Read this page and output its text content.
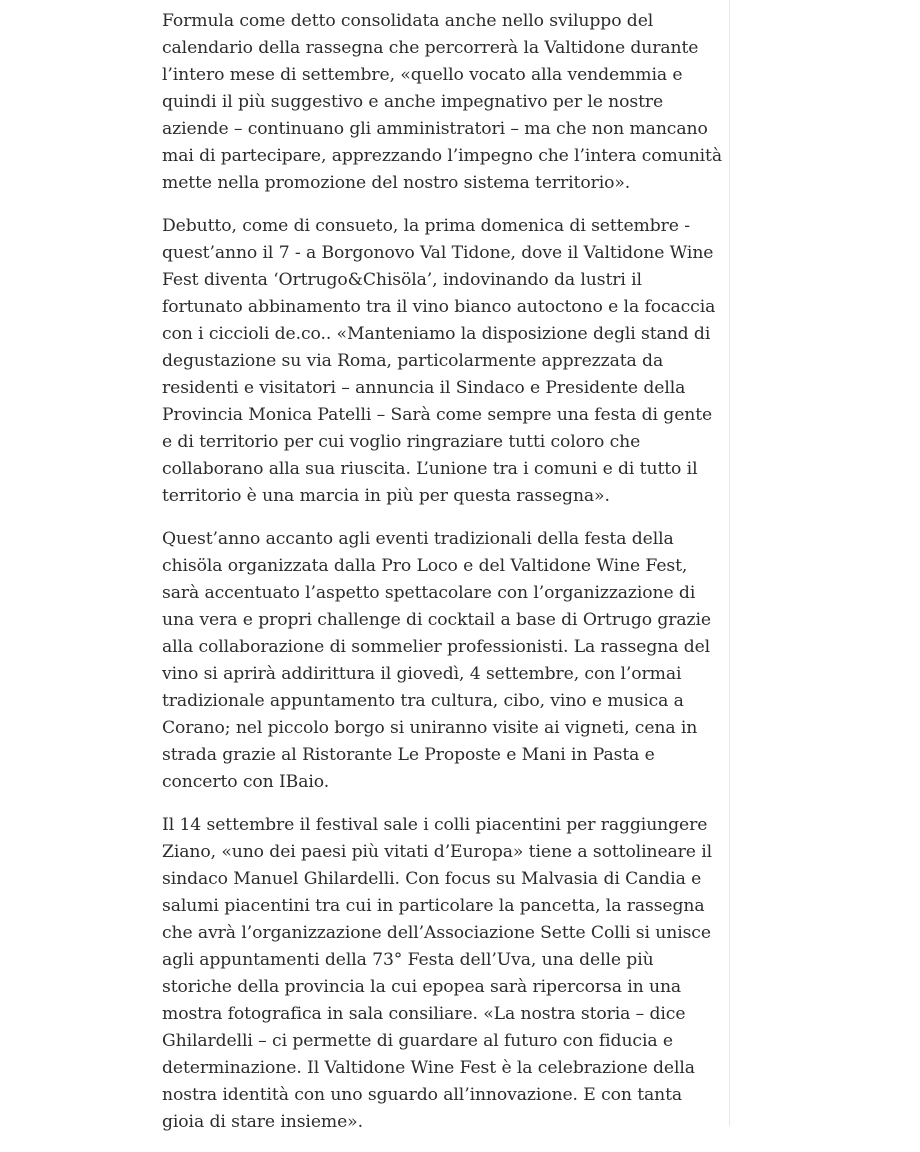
Formula come detto consolidata anche nello sviluppo del calendario della rassegna che percorrerà la Valtidone durante l’intero mese di settembre, «quello vocato alla vendemmia e quindi il più suggestivo e anche impegnativo per le nostre aziende – continuano gli amministratori – ma che non mancano mai di partecipare, apprezzando l’impegno che l’intera comunità mette nella promozione del nostro sistema territorio».

Debutto, come di consueto, la prima domenica di settembre - quest’anno il 7 - a Borgonovo Val Tidone, dove il Valtidone Wine Fest diventa ‘Ortrugo&Chisöla’, indovinando da lustri il fortunato abbinamento tra il vino bianco autoctono e la focaccia con i ciccioli de.co.. «Manteniamo la disposizione degli stand di degustazione su via Roma, particolarmente apprezzata da residenti e visitatori – annuncia il Sindaco e Presidente della Provincia Monica Patelli – Sarà come sempre una festa di gente e di territorio per cui voglio ringraziare tutti coloro che collaborano alla sua riuscita. L’unione tra i comuni e di tutto il territorio è una marcia in più per questa rassegna».

Quest’anno accanto agli eventi tradizionali della festa della chisöla organizzata dalla Pro Loco e del Valtidone Wine Fest, sarà accentuato l’aspetto spettacolare con l’organizzazione di una vera e propri challenge di cocktail a base di Ortrugo grazie alla collaborazione di sommelier professionisti. La rassegna del vino si aprirà addirittura il giovedì, 4 settembre, con l’ormai tradizionale appuntamento tra cultura, cibo, vino e musica a Corano; nel piccolo borgo si uniranno visite ai vigneti, cena in strada grazie al Ristorante Le Proposte e Mani in Pasta e concerto con IBaio.

Il 14 settembre il festival sale i colli piacentini per raggiungere Ziano, «uno dei paesi più vitati d’Europa» tiene a sottolineare il sindaco Manuel Ghilardelli. Con focus su Malvasia di Candia e salumi piacentini tra cui in particolare la pancetta, la rassegna che avrà l’organizzazione dell’Associazione Sette Colli si unisce agli appuntamenti della 73° Festa dell’Uva, una delle più storiche della provincia la cui epopea sarà ripercorsa in una mostra fotografica in sala consiliare. «La nostra storia – dice Ghilardelli – ci permette di guardare al futuro con fiducia e determinazione. Il Valtidone Wine Fest è la celebrazione della nostra identità con uno sguardo all’innovazione. E con tanta gioia di stare insieme».
